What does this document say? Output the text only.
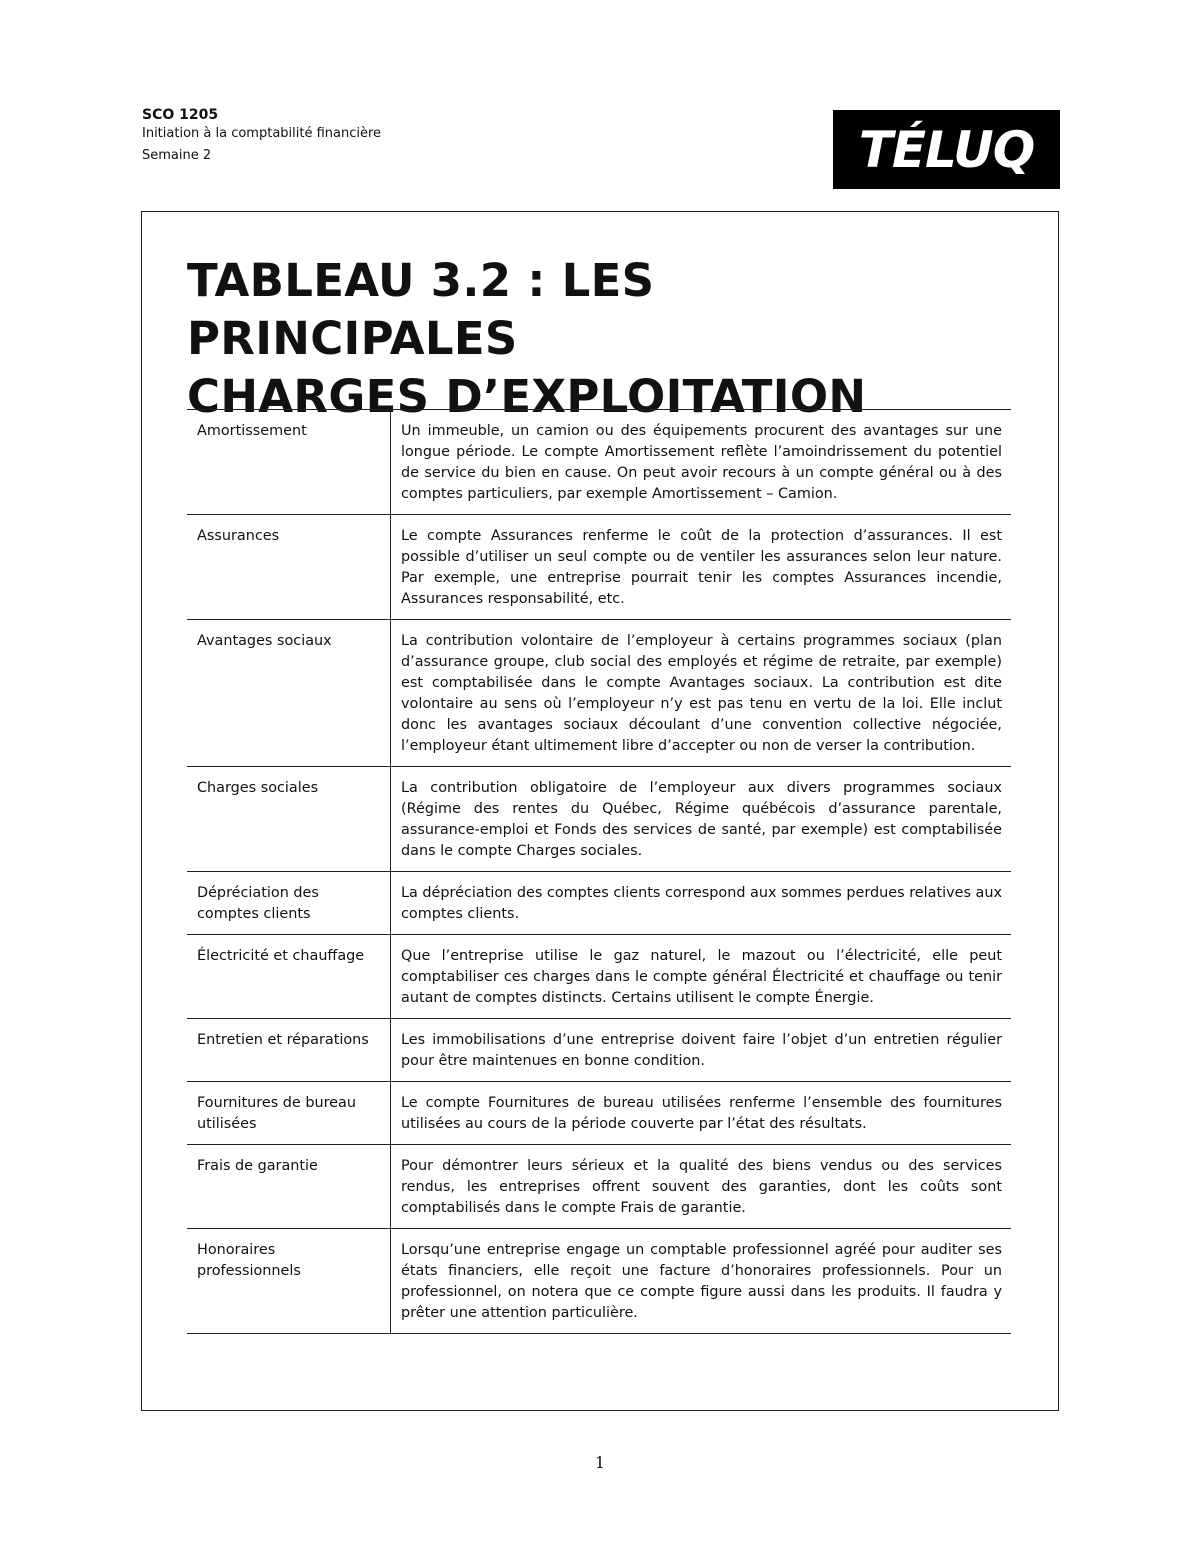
SCO 1205
Initiation à la comptabilité financière
Semaine 2	TÉLUQ
TABLEAU 3.2 : LES PRINCIPALES
CHARGES D’EXPLOITATION
Amortissement	Un immeuble, un camion ou des équipements procurent des avantages sur une longue période. Le compte Amortissement reflète l’amoindrissement du potentiel de service du bien en cause. On peut avoir recours à un compte général ou à des comptes particuliers, par exemple Amortissement – Camion.
Assurances	Le compte Assurances renferme le coût de la protection d’assurances. Il est possible d’utiliser un seul compte ou de ventiler les assurances selon leur nature. Par exemple, une entreprise pourrait tenir les comptes Assurances incendie, Assurances responsabilité, etc.
Avantages sociaux	La contribution volontaire de l’employeur à certains programmes sociaux (plan d’assurance groupe, club social des employés et régime de retraite, par exemple) est comptabilisée dans le compte Avantages sociaux. La contribution est dite volontaire au sens où l’employeur n’y est pas tenu en vertu de la loi. Elle inclut donc les avantages sociaux découlant d’une convention collective négociée, l’employeur étant ultimement libre d’accepter ou non de verser la contribution.
Charges sociales	La contribution obligatoire de l’employeur aux divers programmes sociaux (Régime des rentes du Québec, Régime québécois d’assurance parentale, assurance-emploi et Fonds des services de santé, par exemple) est comptabilisée dans le compte Charges sociales.
Dépréciation des comptes clients	La dépréciation des comptes clients correspond aux sommes perdues relatives aux comptes clients.
Électricité et chauffage	Que l’entreprise utilise le gaz naturel, le mazout ou l’électricité, elle peut comptabiliser ces charges dans le compte général Électricité et chauffage ou tenir autant de comptes distincts. Certains utilisent le compte Énergie.
Entretien et réparations	Les immobilisations d’une entreprise doivent faire l’objet d’un entretien régulier pour être maintenues en bonne condition.
Fournitures de bureau utilisées	Le compte Fournitures de bureau utilisées renferme l’ensemble des fournitures utilisées au cours de la période couverte par l’état des résultats.
Frais de garantie	Pour démontrer leurs sérieux et la qualité des biens vendus ou des services rendus, les entreprises offrent souvent des garanties, dont les coûts sont comptabilisés dans le compte Frais de garantie.
Honoraires professionnels	Lorsqu’une entreprise engage un comptable professionnel agréé pour auditer ses états financiers, elle reçoit une facture d’honoraires professionnels. Pour un professionnel, on notera que ce compte figure aussi dans les produits. Il faudra y prêter une attention particulière.
1
